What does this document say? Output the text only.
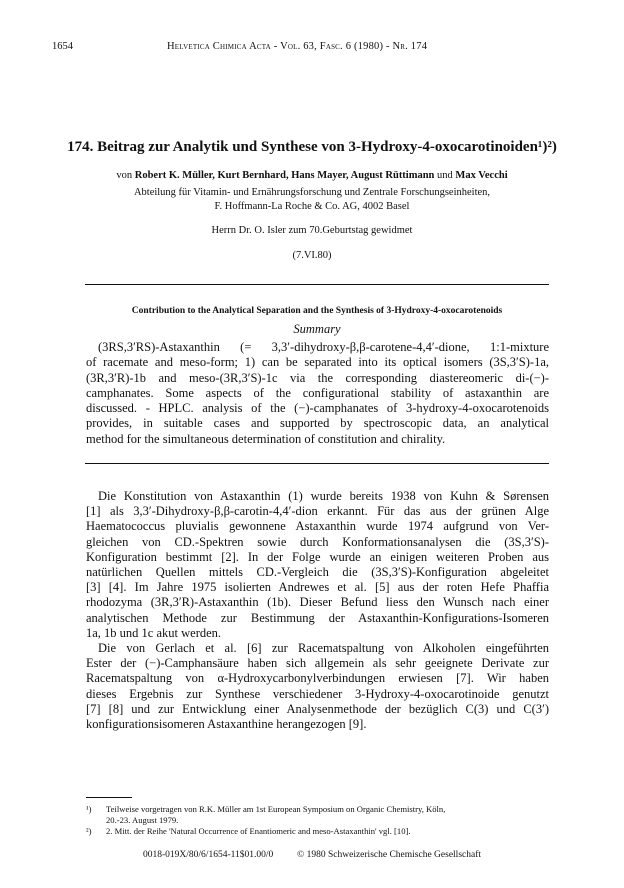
1654	Helvetica Chimica Acta - Vol. 63, Fasc. 6 (1980) - Nr. 174
174. Beitrag zur Analytik und Synthese von 3-Hydroxy-4-oxocarotinoiden¹)²)
von Robert K. Müller, Kurt Bernhard, Hans Mayer, August Rüttimann und Max Vecchi
Abteilung für Vitamin- und Ernährungsforschung und Zentrale Forschungseinheiten,
F. Hoffmann-La Roche & Co. AG, 4002 Basel
Herrn Dr. O. Isler zum 70.Geburtstag gewidmet
(7.VI.80)
Contribution to the Analytical Separation and the Synthesis of 3-Hydroxy-4-oxocarotenoids
Summary
(3RS,3′RS)-Astaxanthin (= 3,3′-dihydroxy-β,β-carotene-4,4′-dione, 1:1-mixture
of racemate and meso-form; 1) can be separated into its optical isomers (3S,3′S)-1a,
(3R,3′R)-1b and meso-(3R,3′S)-1c via the corresponding diastereomeric di-(−)-
camphanates. Some aspects of the configurational stability of astaxanthin are
discussed. - HPLC. analysis of the (−)-camphanates of 3-hydroxy-4-oxocarotenoids
provides, in suitable cases and supported by spectroscopic data, an analytical
method for the simultaneous determination of constitution and chirality.
Die Konstitution von Astaxanthin (1) wurde bereits 1938 von Kuhn & Sørensen
[1] als 3,3′-Dihydroxy-β,β-carotin-4,4′-dion erkannt. Für das aus der grünen Alge
Haematococcus pluvialis gewonnene Astaxanthin wurde 1974 aufgrund von Ver-
gleichen von CD.-Spektren sowie durch Konformationsanalysen die (3S,3′S)-
Konfiguration bestimmt [2]. In der Folge wurde an einigen weiteren Proben aus
natürlichen Quellen mittels CD.-Vergleich die (3S,3′S)-Konfiguration abgeleitet
[3] [4]. Im Jahre 1975 isolierten Andrewes et al. [5] aus der roten Hefe Phaffia
rhodozyma (3R,3′R)-Astaxanthin (1b). Dieser Befund liess den Wunsch nach einer
analytischen Methode zur Bestimmung der Astaxanthin-Konfigurations-Isomeren
1a, 1b und 1c akut werden.
Die von Gerlach et al. [6] zur Racematspaltung von Alkoholen eingeführten
Ester der (−)-Camphansäure haben sich allgemein als sehr geeignete Derivate zur
Racematspaltung von α-Hydroxycarbonylverbindungen erwiesen [7]. Wir haben
dieses Ergebnis zur Synthese verschiedener 3-Hydroxy-4-oxocarotinoide genutzt
[7] [8] und zur Entwicklung einer Analysenmethode der bezüglich C(3) und C(3′)
konfigurationsisomeren Astaxanthine herangezogen [9].
¹) Teilweise vorgetragen von R.K. Müller am 1st European Symposium on Organic Chemistry, Köln,
20.-23. August 1979.
²) 2. Mitt. der Reihe 'Natural Occurrence of Enantiomeric and meso-Astaxanthin' vgl. [10].
0018-019X/80/6/1654-11$01.00/0	© 1980 Schweizerische Chemische Gesellschaft
